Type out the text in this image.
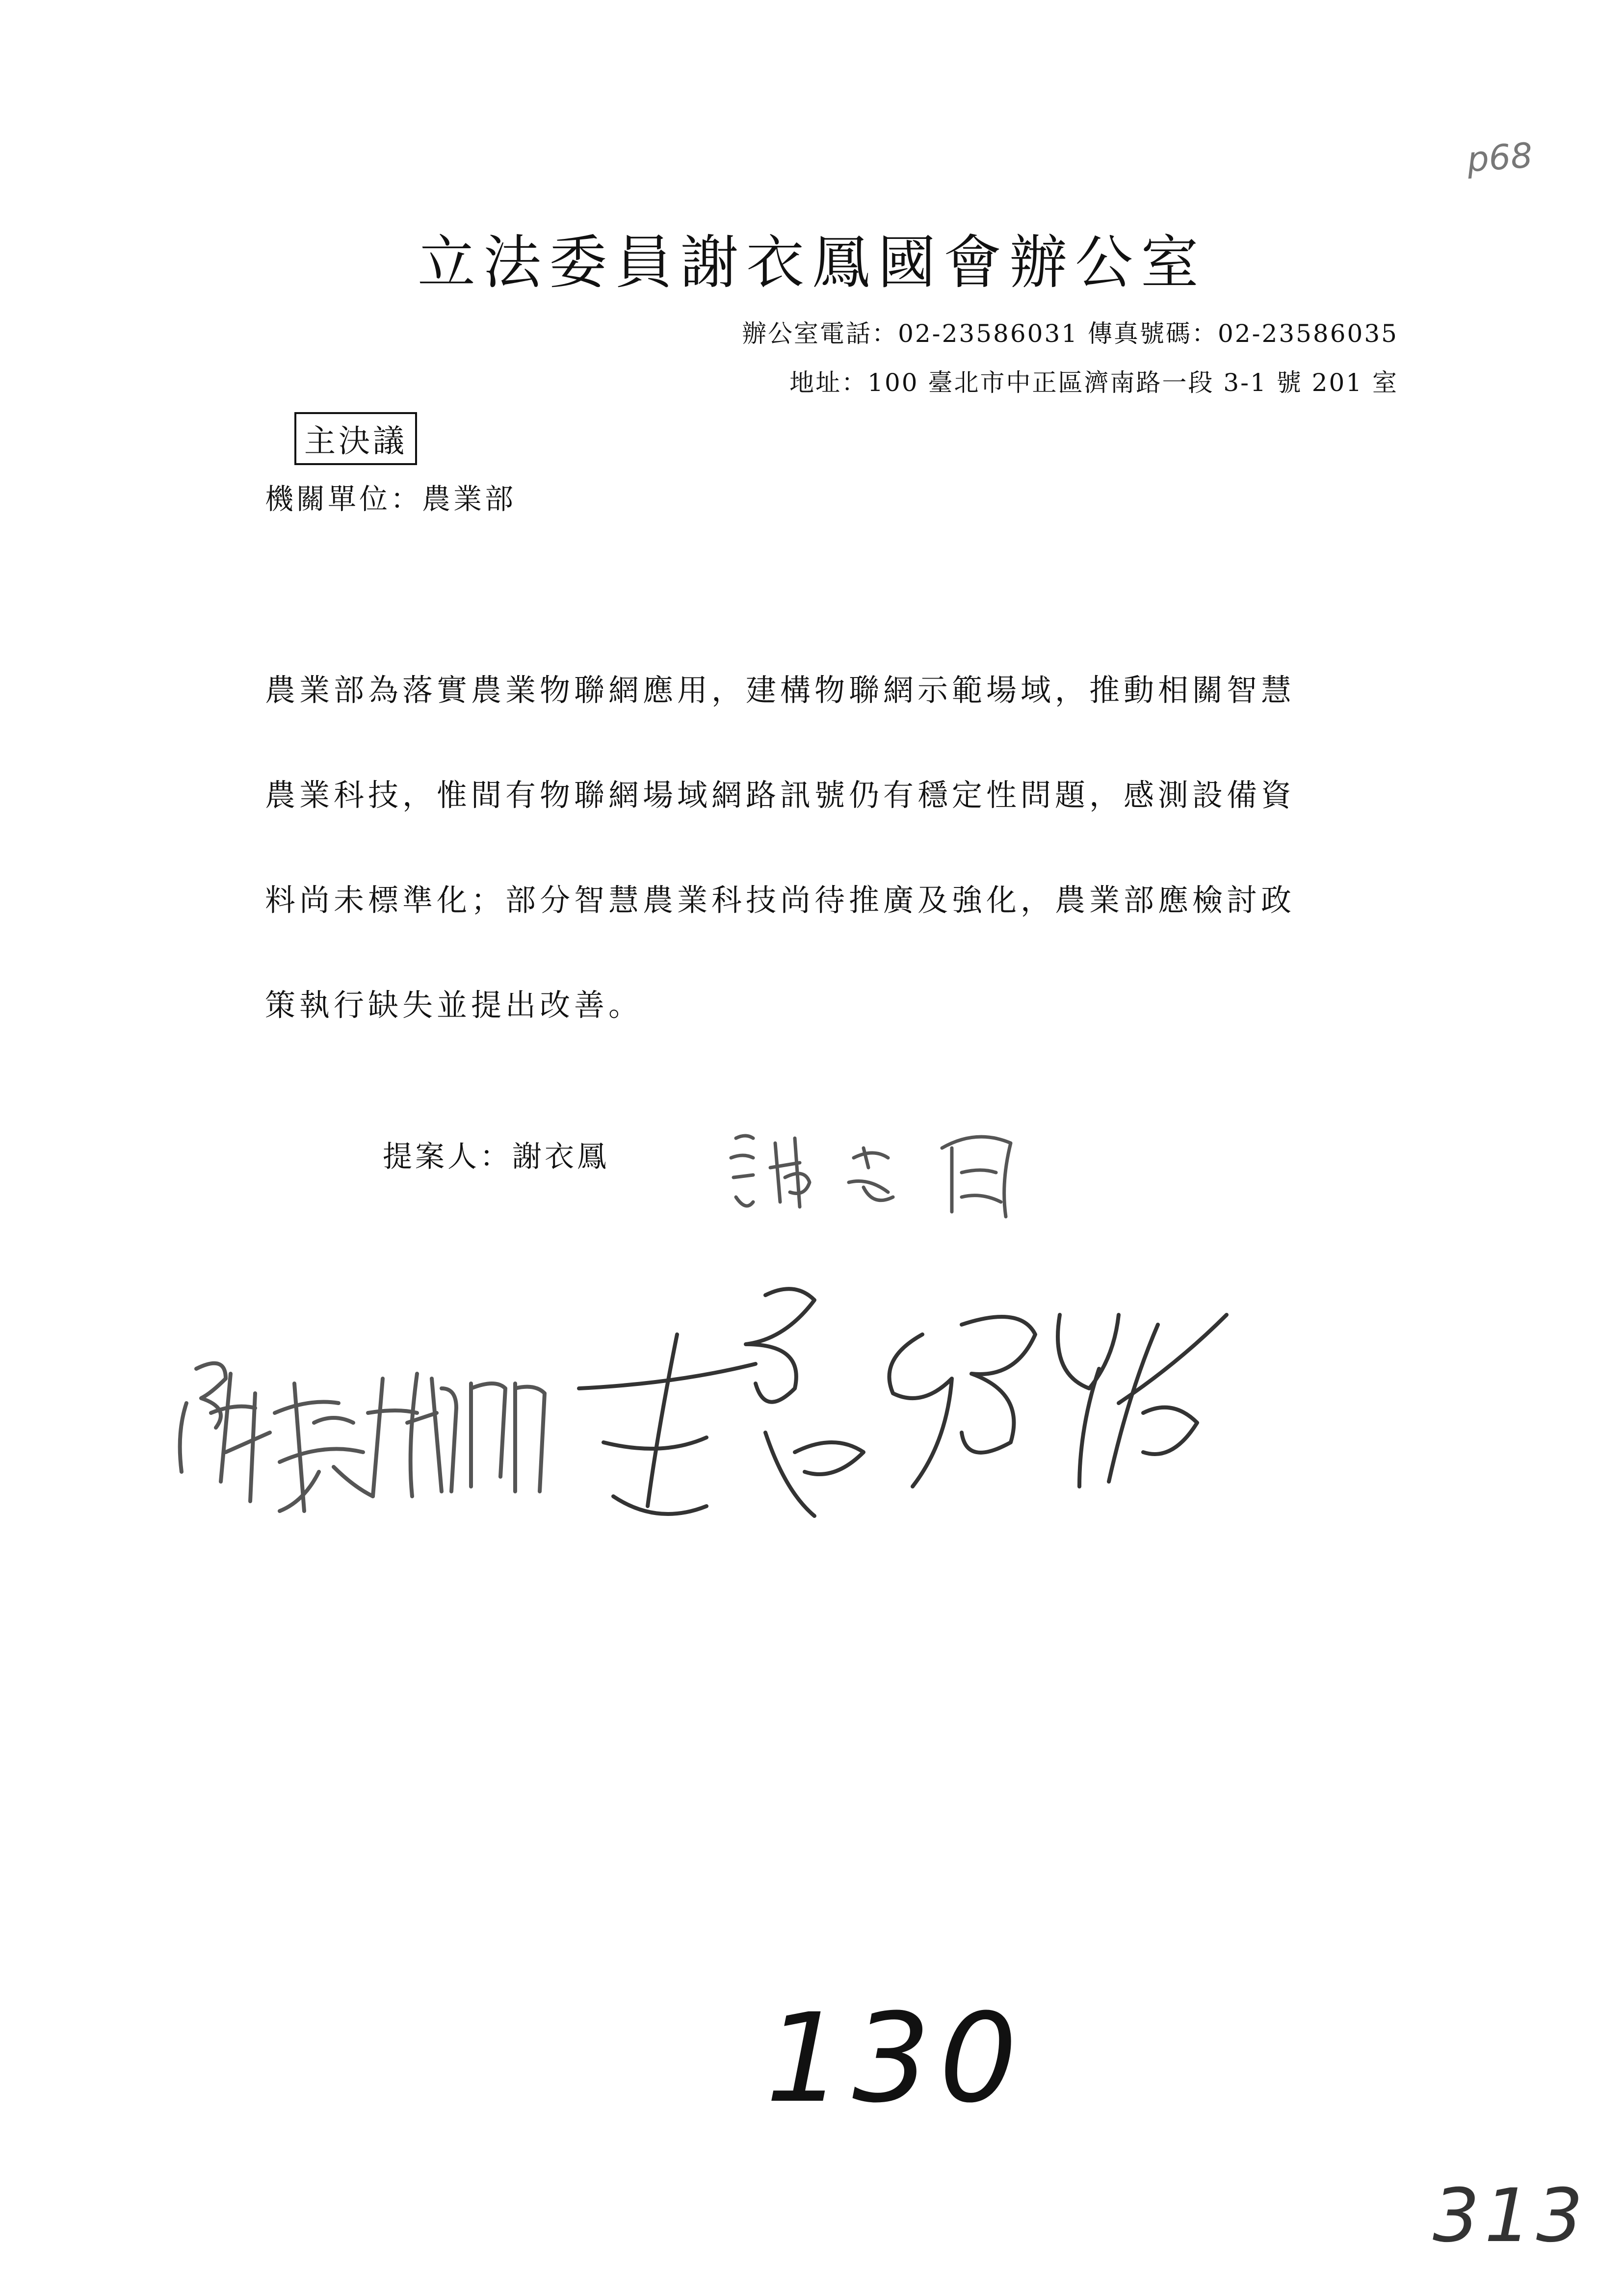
p68
立法委員謝衣鳳國會辦公室
辦公室電話：02-23586031 傳真號碼：02-23586035
地址：100 臺北市中正區濟南路一段 3-1 號 201 室
主決議
機關單位：農業部
農業部為落實農業物聯網應用，建構物聯網示範場域，推動相關智慧
農業科技，惟間有物聯網場域網路訊號仍有穩定性問題，感測設備資
料尚未標準化；部分智慧農業科技尚待推廣及強化，農業部應檢討政
策執行缺失並提出改善。
提案人：謝衣鳳
130
313
